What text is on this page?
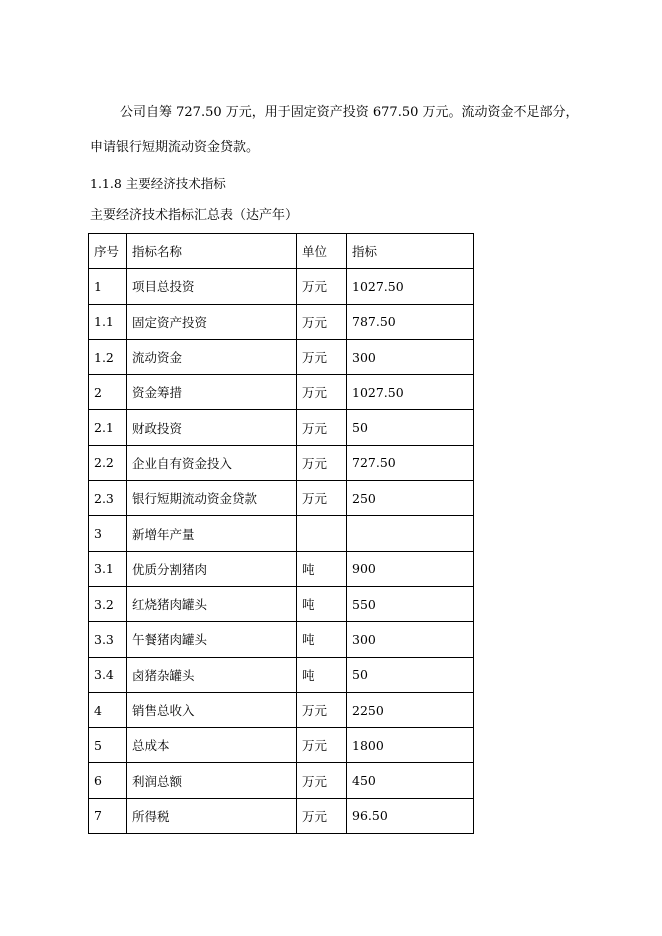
公司自筹 727.50 万元，用于固定资产投资 677.50 万元。流动资金不足部分，
申请银行短期流动资金贷款。
1.1.8 主要经济技术指标
主要经济技术指标汇总表（达产年）
序号	指标名称	单位	指标
1	项目总投资	万元	1027.50
1.1	固定资产投资	万元	787.50
1.2	流动资金	万元	300
2	资金筹措	万元	1027.50
2.1	财政投资	万元	50
2.2	企业自有资金投入	万元	727.50
2.3	银行短期流动资金贷款	万元	250
3	新增年产量		
3.1	优质分割猪肉	吨	900
3.2	红烧猪肉罐头	吨	550
3.3	午餐猪肉罐头	吨	300
3.4	卤猪杂罐头	吨	50
4	销售总收入	万元	2250
5	总成本	万元	1800
6	利润总额	万元	450
7	所得税	万元	96.50
